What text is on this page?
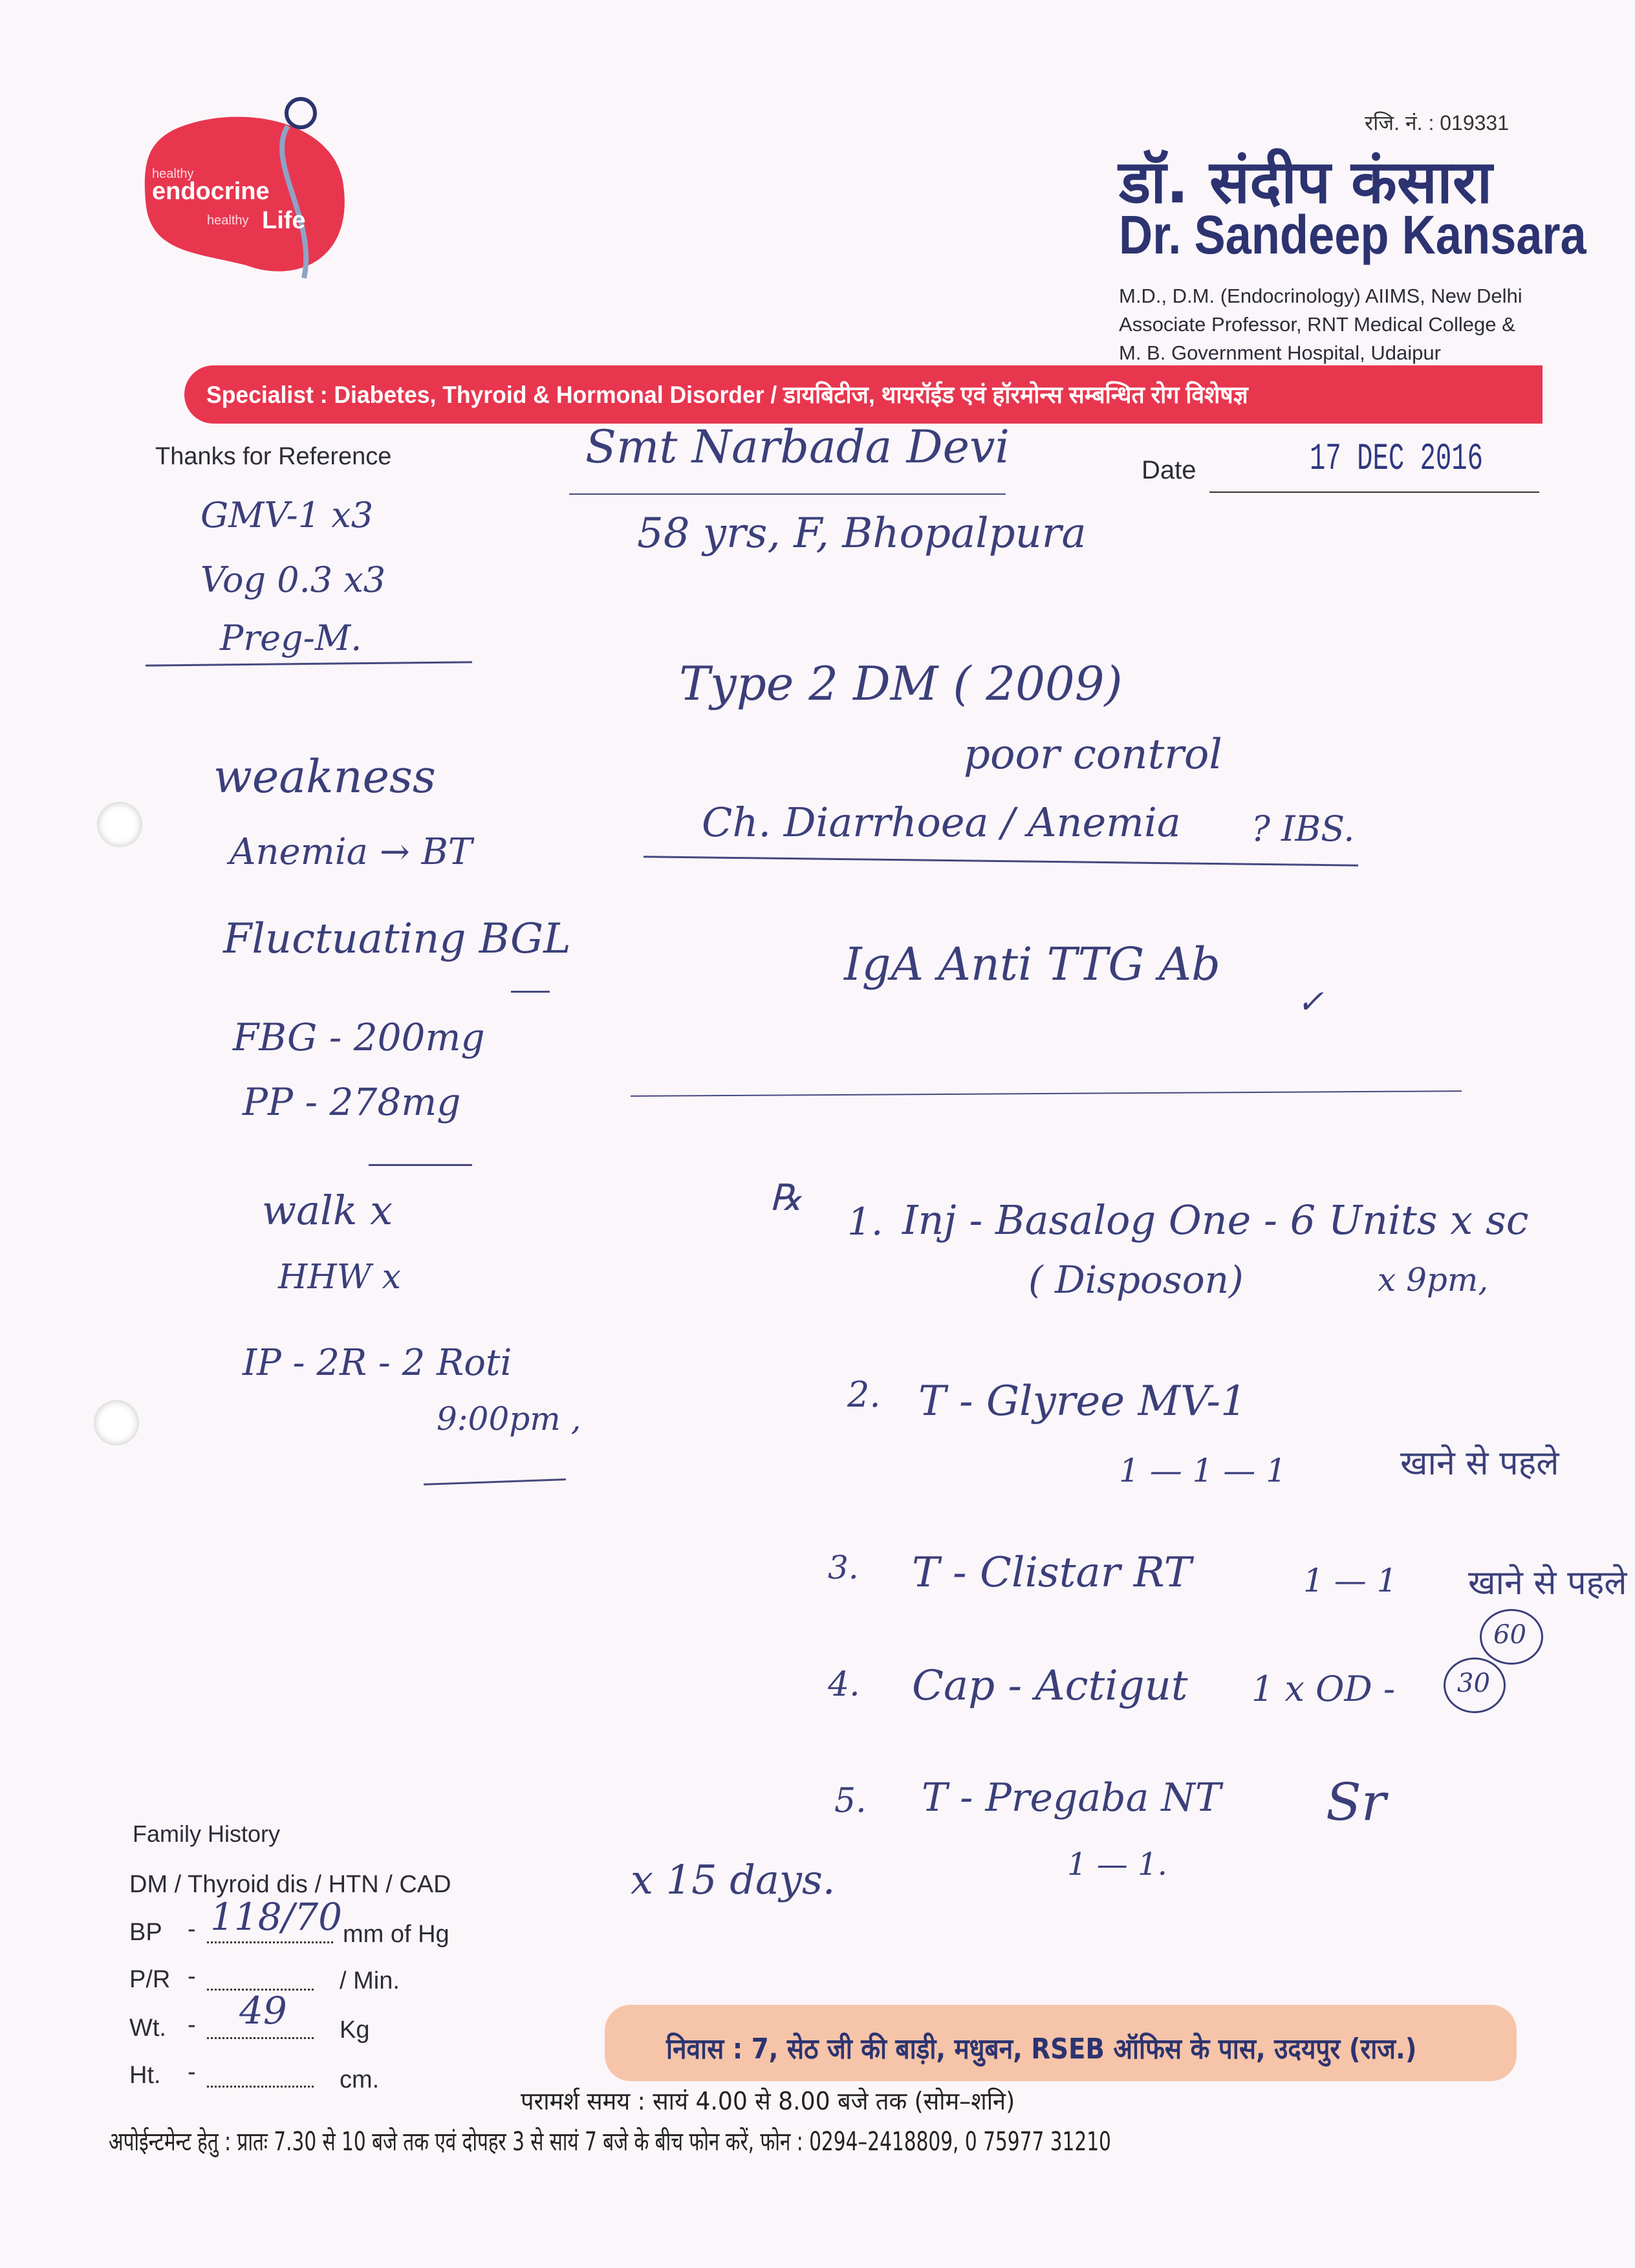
healthy
endocrine
healthy Life
रजि. नं. : 019331
डॉ. संदीप कंसारा
Dr. Sandeep Kansara
M.D., D.M. (Endocrinology) AIIMS, New Delhi
Associate Professor, RNT Medical College &
M. B. Government Hospital, Udaipur
Specialist : Diabetes, Thyroid & Hormonal Disorder / डायबिटीज, थायरॉईड एवं हॉरमोन्स सम्बन्धित रोग विशेषज्ञ
Thanks for Reference	Date	17 DEC 2016
Smt Narbada Devi
58 yrs, F, Bhopalpura
GMV-1 x3
Vog 0.3 x3
Preg-M.
weakness
Anemia → BT
Fluctuating BGL
FBG - 200mg
PP - 278mg
walk x
HHW x
IP - 2R - 2 Roti
9:00pm ,
Type 2 DM ( 2009)
poor control
Ch. Diarrhoea / Anemia ? IBS.
IgA Anti TTG Ab
✓
℞
1. Inj - Basalog One - 6 Units x sc
( Disposon)	x 9pm,
2. T - Glyree MV-1
1 — 1 — 1	खाने से पहले
3. T - Clistar RT	1 — 1 खाने से पहले
4. Cap - Actigut 1 x OD -
5. T - Pregaba NT
1 — 1.
60
30
x 15 days.
Sr
Family History
DM / Thyroid dis / HTN / CAD
BP - 118/70 mm of Hg
P/R -	/ Min.
Wt. - 49 Kg
Ht. -	cm.
निवास : 7, सेठ जी की बाड़ी, मधुबन, RSEB ऑफिस के पास, उदयपुर (राज.)
परामर्श समय : सायं 4.00 से 8.00 बजे तक (सोम–शनि)
अपोईन्टमेन्ट हेतु : प्रातः 7.30 से 10 बजे तक एवं दोपहर 3 से सायं 7 बजे के बीच फोन करें, फोन : 0294–2418809, 0 75977 31210
